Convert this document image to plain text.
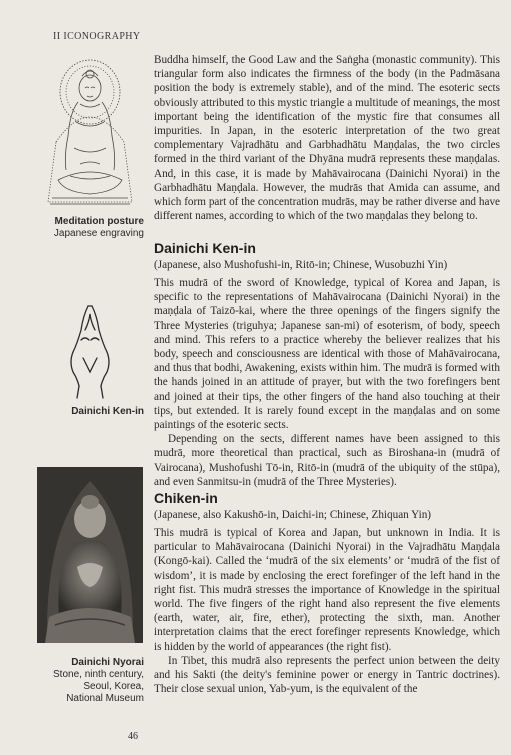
II ICONOGRAPHY
Meditation posture
Japanese engraving
Dainichi Ken-in
Dainichi Nyorai
Stone, ninth century,
Seoul, Korea,
National Museum

Buddha himself, the Good Law and the Saṅgha (monastic community). This triangular form also indicates the firmness of the body (in the Padmāsana position the body is extremely stable), and of the mind. The esoteric sects obviously attributed to this mystic triangle a multitude of meanings, the most important being the identification of the mystic fire that consumes all impurities. In Japan, in the esoteric interpretation of the two great complementary Vajradhātu and Garbhadhātu Maṇḍalas, the two circles formed in the third variant of the Dhyāna mudrā represents these maṇḍalas. And, in this case, it is made by Mahāvairocana (Dainichi Nyorai) in the Garbhadhātu Maṇḍala. However, the mudrās that Amida can assume, and which form part of the concentration mudrās, may be rather diverse and have different names, according to which of the two maṇḍalas they belong to.

Dainichi Ken-in
(Japanese, also Mushofushi-in, Ritō-in; Chinese, Wusobuzhi Yin)

This mudrā of the sword of Knowledge, typical of Korea and Japan, is specific to the representations of Mahāvairocana (Dainichi Nyorai) in the maṇḍala of Taizō-kai, where the three openings of the fingers signify the Three Mysteries (triguhya; Japanese san-mi) of esoterism, of body, speech and mind. This refers to a practice whereby the believer realizes that his body, speech and consciousness are identical with those of Mahāvairocana, and thus that bodhi, Awakening, exists within him. The mudrā is formed with the hands joined in an attitude of prayer, but with the two forefingers bent and joined at their tips, the other fingers of the hand also touching at their tips, but extended. It is rarely found except in the maṇḍalas and on some paintings of the esoteric sects.

Depending on the sects, different names have been assigned to this mudrā, more theoretical than practical, such as Biroshana-in (mudrā of Vairocana), Mushofushi Tō-in, Ritō-in (mudrā of the ubiquity of the stūpa), and even Sanmitsu-in (mudrā of the Three Mysteries).

Chiken-in
(Japanese, also Kakushō-in, Daichi-in; Chinese, Zhiquan Yin)

This mudrā is typical of Korea and Japan, but unknown in India. It is particular to Mahāvairocana (Dainichi Nyorai) in the Vajradhātu Maṇḍala (Kongō-kai). Called the ‘mudrā of the six elements’ or ‘mudrā of the fist of wisdom’, it is made by enclosing the erect forefinger of the left hand in the right fist. This mudrā stresses the importance of Knowledge in the spiritual world. The five fingers of the right hand also represent the five elements (earth, water, air, fire, ether), protecting the sixth, man. Another interpretation claims that the erect forefinger represents Knowledge, which is hidden by the world of appearances (the right fist).

In Tibet, this mudrā also represents the perfect union between the deity and his Sakti (the deity's feminine power or energy in Tantric doctrines). Their close sexual union, Yab-yum, is the equivalent of the

46
